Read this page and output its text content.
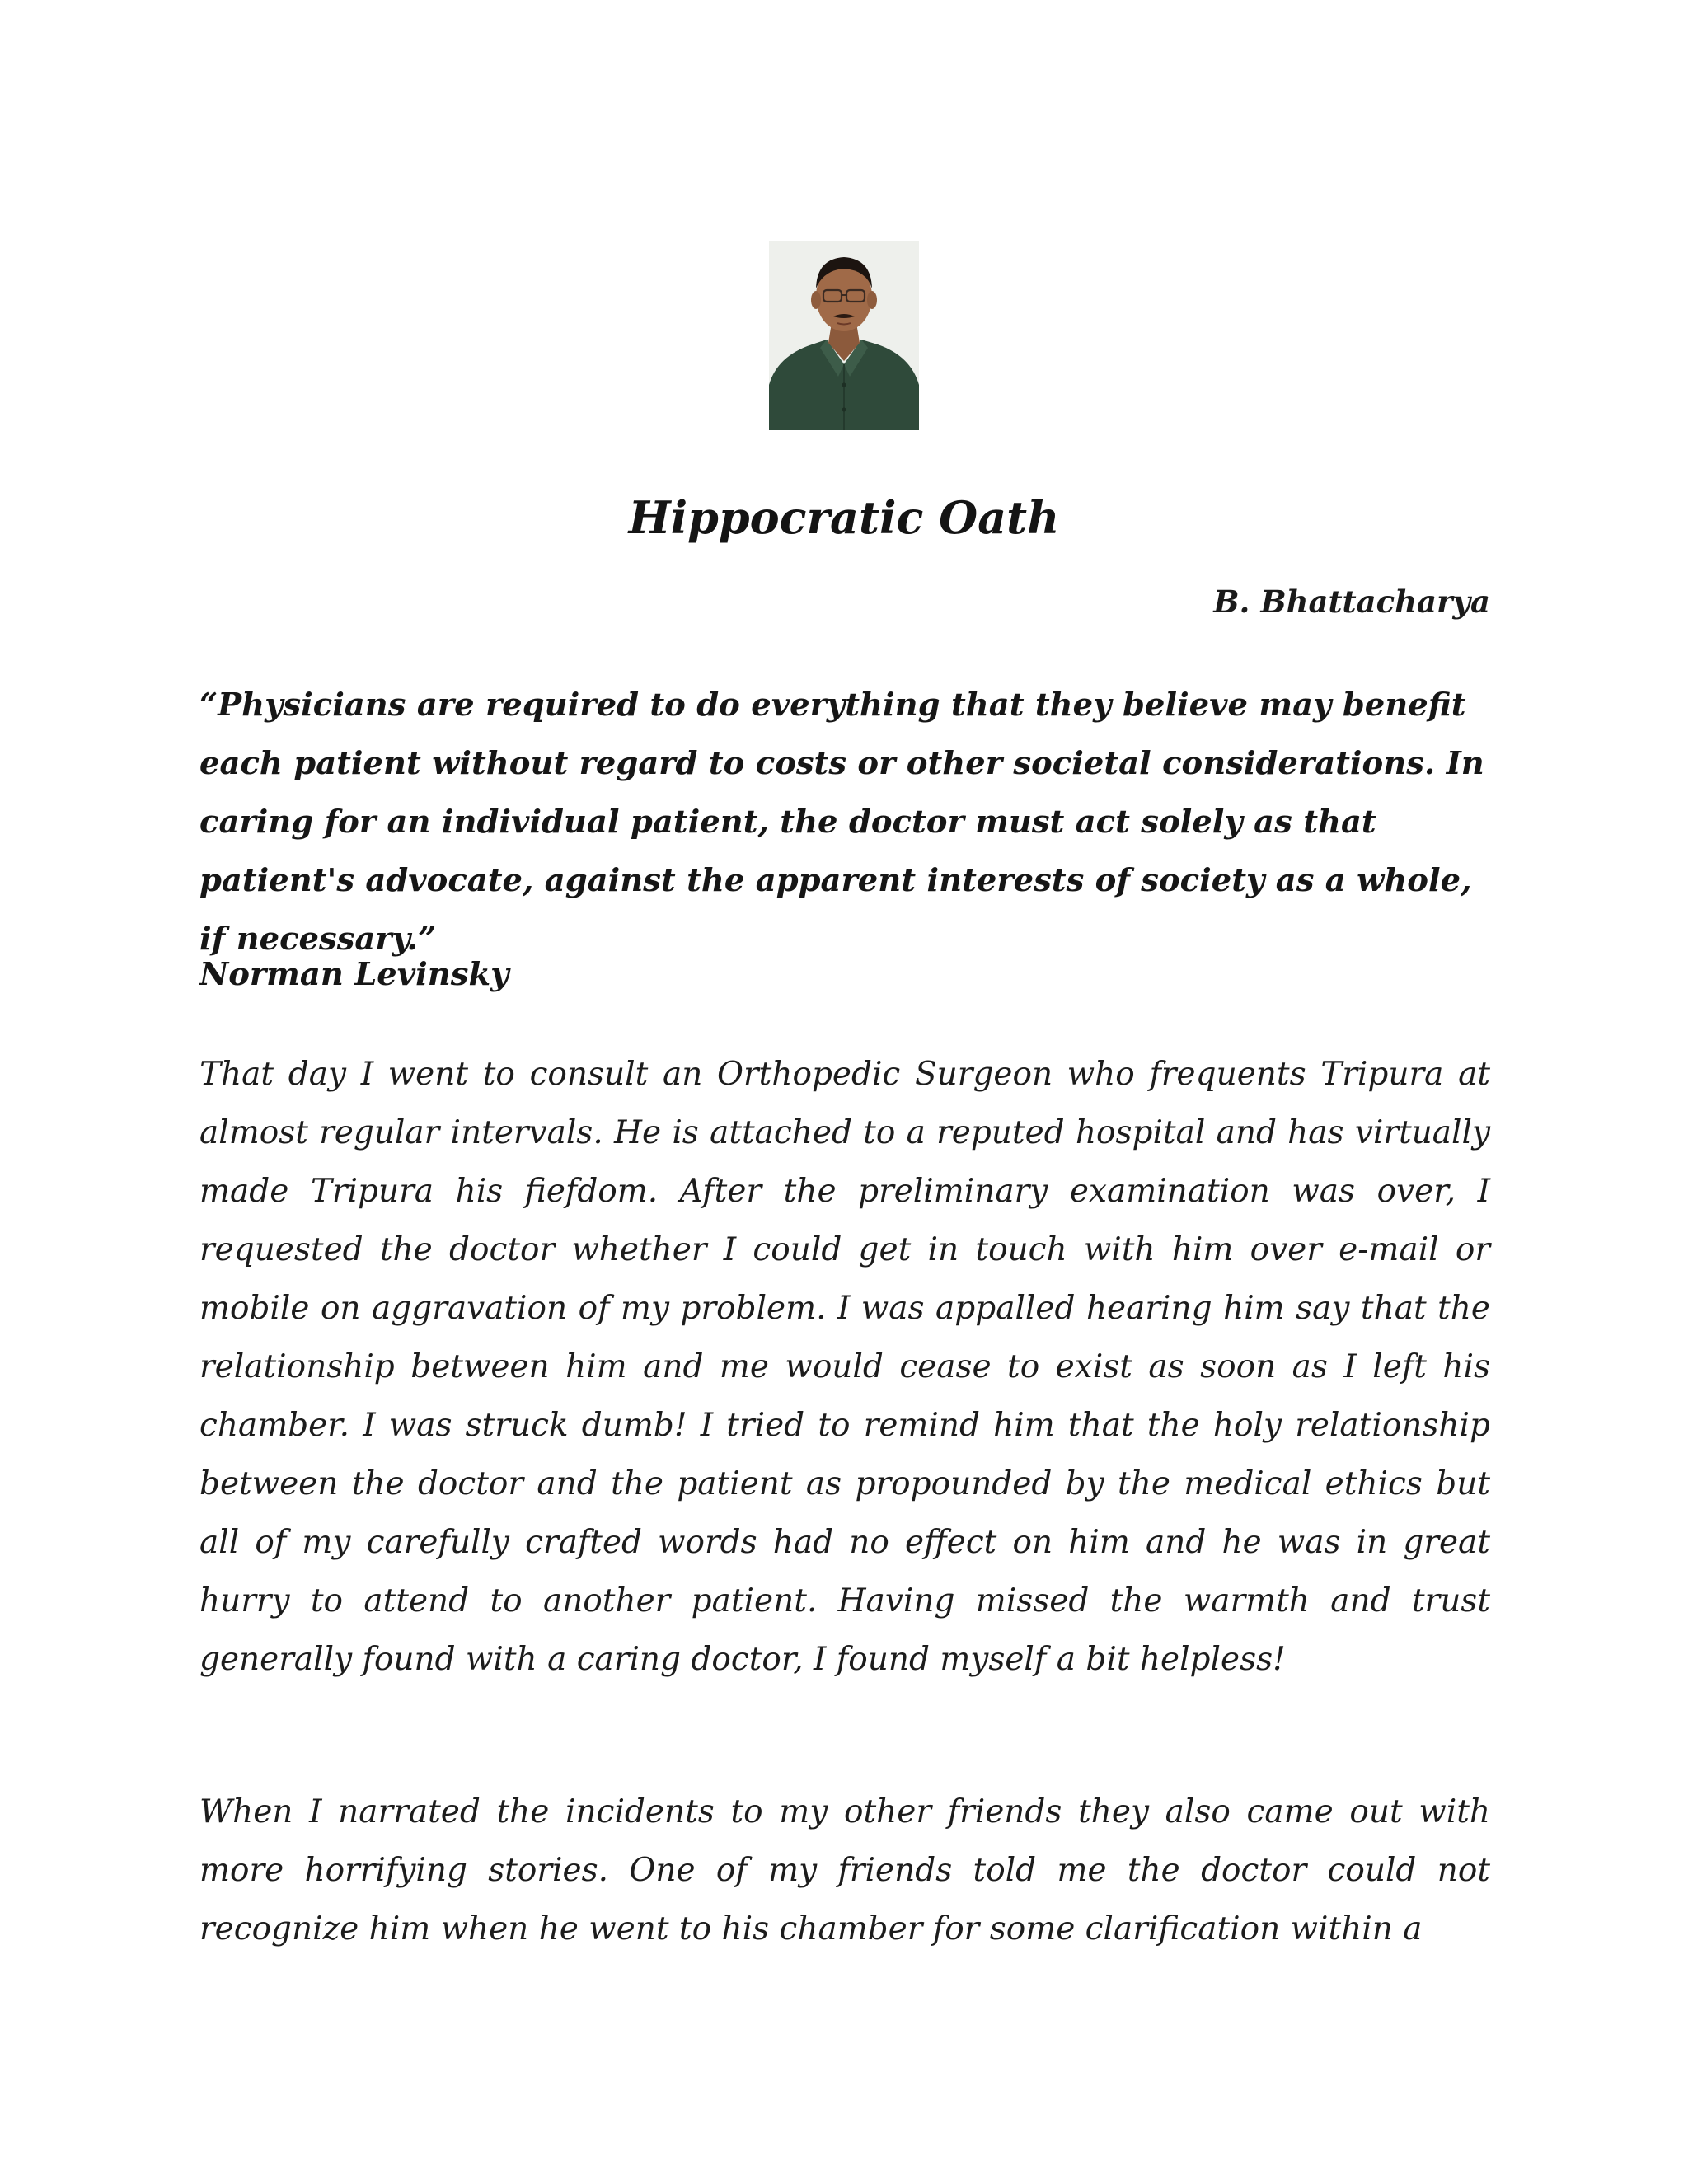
Hippocratic Oath
B. Bhattacharya

“Physicians are required to do everything that they believe may benefit each patient without regard to costs or other societal considerations. In caring for an individual patient, the doctor must act solely as that patient's advocate, against the apparent interests of society as a whole, if necessary.”

Norman Levinsky

That day I went to consult an Orthopedic Surgeon who frequents Tripura at almost regular intervals. He is attached to a reputed hospital and has virtually made Tripura his fiefdom. After the preliminary examination was over, I requested the doctor whether I could get in touch with him over e-mail or mobile on aggravation of my problem. I was appalled hearing him say that the relationship between him and me would cease to exist as soon as I left his chamber. I was struck dumb! I tried to remind him that the holy relationship between the doctor and the patient as propounded by the medical ethics but all of my carefully crafted words had no effect on him and he was in great hurry to attend to another patient. Having missed the warmth and trust generally found with a caring doctor, I found myself a bit helpless!

When I narrated the incidents to my other friends they also came out with more horrifying stories. One of my friends told me the doctor could not recognize him when he went to his chamber for some clarification within a
